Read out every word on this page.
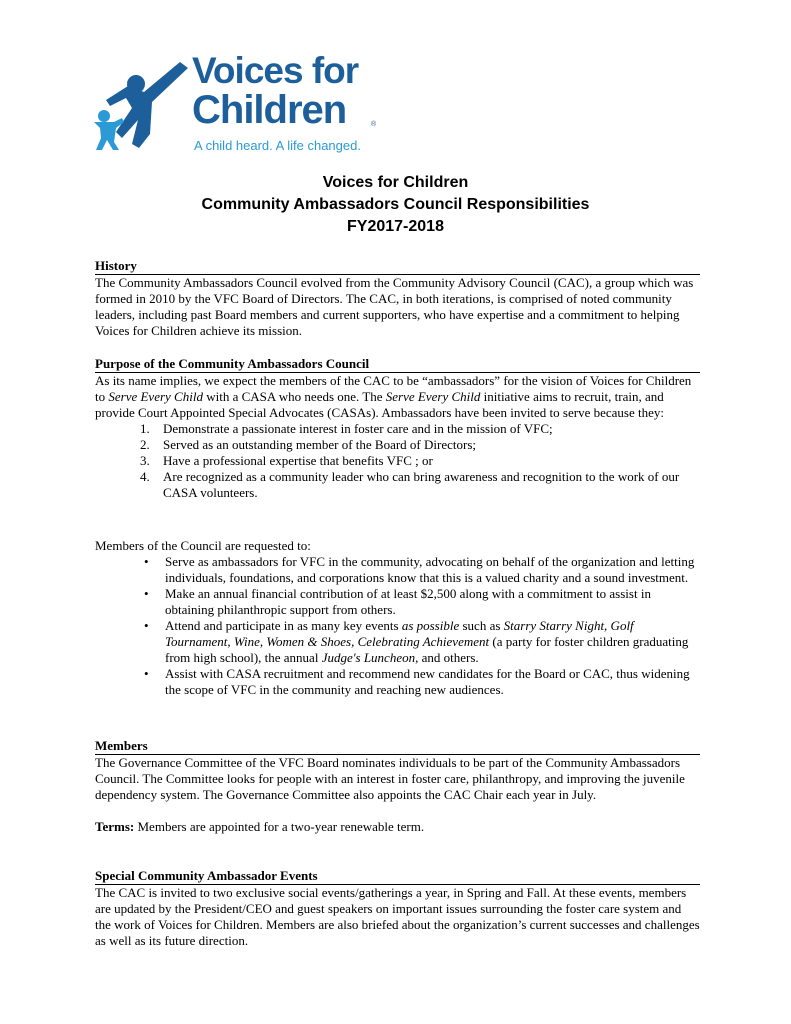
Voices for
Children	®
A child heard. A life changed.

Voices for Children

Community Ambassadors Council Responsibilities

FY2017-2018

History

The Community Ambassadors Council evolved from the Community Advisory Council (CAC), a group which was formed in 2010 by the VFC Board of Directors. The CAC, in both iterations, is comprised of noted community leaders, including past Board members and current supporters, who have expertise and a commitment to helping Voices for Children achieve its mission.

Purpose of the Community Ambassadors Council

As its name implies, we expect the members of the CAC to be “ambassadors” for the vision of Voices for Children to Serve Every Child with a CASA who needs one. The Serve Every Child initiative aims to recruit, train, and provide Court Appointed Special Advocates (CASAs). Ambassadors have been invited to serve because they:

1. Demonstrate a passionate interest in foster care and in the mission of VFC;
2. Served as an outstanding member of the Board of Directors;
3. Have a professional expertise that benefits VFC ; or
4. Are recognized as a community leader who can bring awareness and recognition to the work of our CASA volunteers.

Members of the Council are requested to:

• Serve as ambassadors for VFC in the community, advocating on behalf of the organization and letting individuals, foundations, and corporations know that this is a valued charity and a sound investment.
• Make an annual financial contribution of at least $2,500 along with a commitment to assist in obtaining philanthropic support from others.
• Attend and participate in as many key events as possible such as Starry Starry Night, Golf Tournament, Wine, Women & Shoes, Celebrating Achievement (a party for foster children graduating from high school), the annual Judge's Luncheon, and others.
• Assist with CASA recruitment and recommend new candidates for the Board or CAC, thus widening the scope of VFC in the community and reaching new audiences.

Members

The Governance Committee of the VFC Board nominates individuals to be part of the Community Ambassadors Council. The Committee looks for people with an interest in foster care, philanthropy, and improving the juvenile dependency system. The Governance Committee also appoints the CAC Chair each year in July.

Terms: Members are appointed for a two-year renewable term.

Special Community Ambassador Events

The CAC is invited to two exclusive social events/gatherings a year, in Spring and Fall. At these events, members are updated by the President/CEO and guest speakers on important issues surrounding the foster care system and the work of Voices for Children. Members are also briefed about the organization’s current successes and challenges as well as its future direction.
